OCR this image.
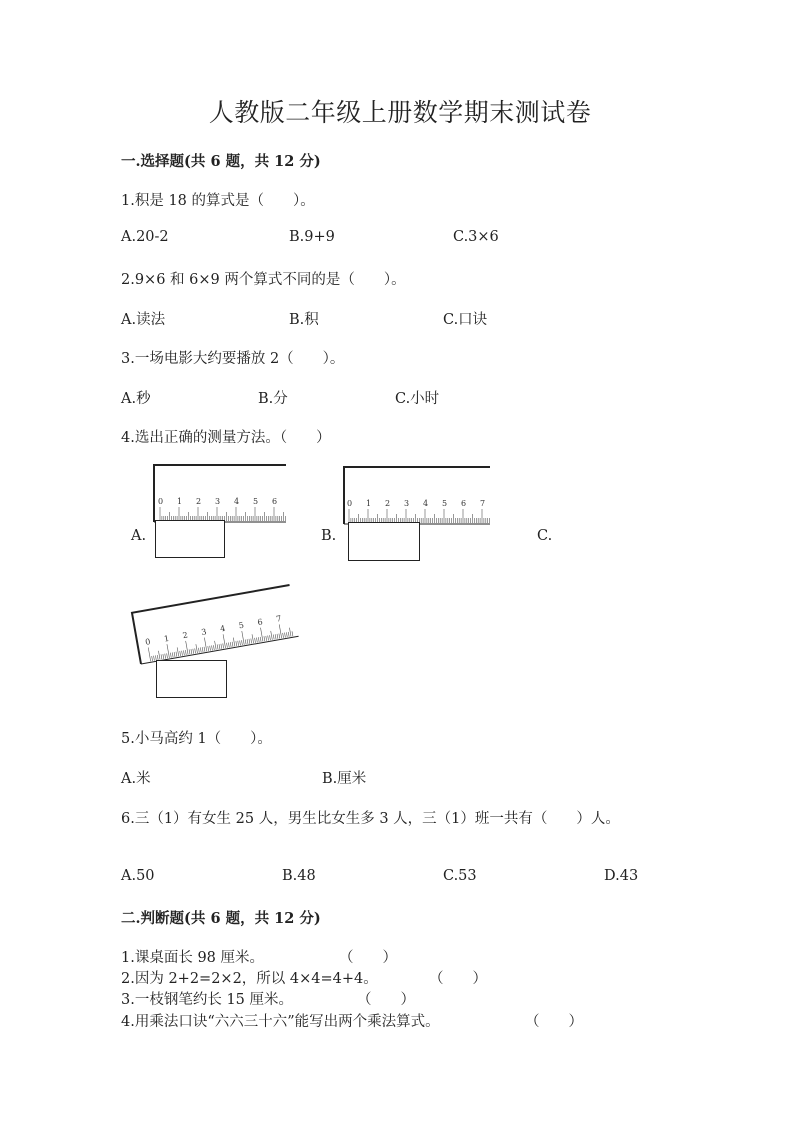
人教版二年级上册数学期末测试卷
一.选择题(共 6 题，共 12 分)
1.积是 18 的算式是（　　）。
A.20-2	B.9+9	C.3×6
2.9×6 和 6×9 两个算式不同的是（　　）。
A.读法	B.积	C.口诀
3.一场电影大约要播放 2（　　）。
A.秒	B.分	C.小时
4.选出正确的测量方法。（　　）
0 1 2 3 4 5 6
A.
0 1 2 3 4 5 6 7
B.	C.
0 1 2 3 4 5 6 7
5.小马高约 1（　　）。
A.米	B.厘米
6.三（1）有女生 25 人，男生比女生多 3 人，三（1）班一共有（　　）人。
A.50	B.48	C.53	D.43
二.判断题(共 6 题，共 12 分)
1.课桌面长 98 厘米。	（　　）
2.因为 2+2=2×2，所以 4×4=4+4。	（　　）
3.一枝钢笔约长 15 厘米。	（　　）
4.用乘法口诀“六六三十六”能写出两个乘法算式。	（　　）
